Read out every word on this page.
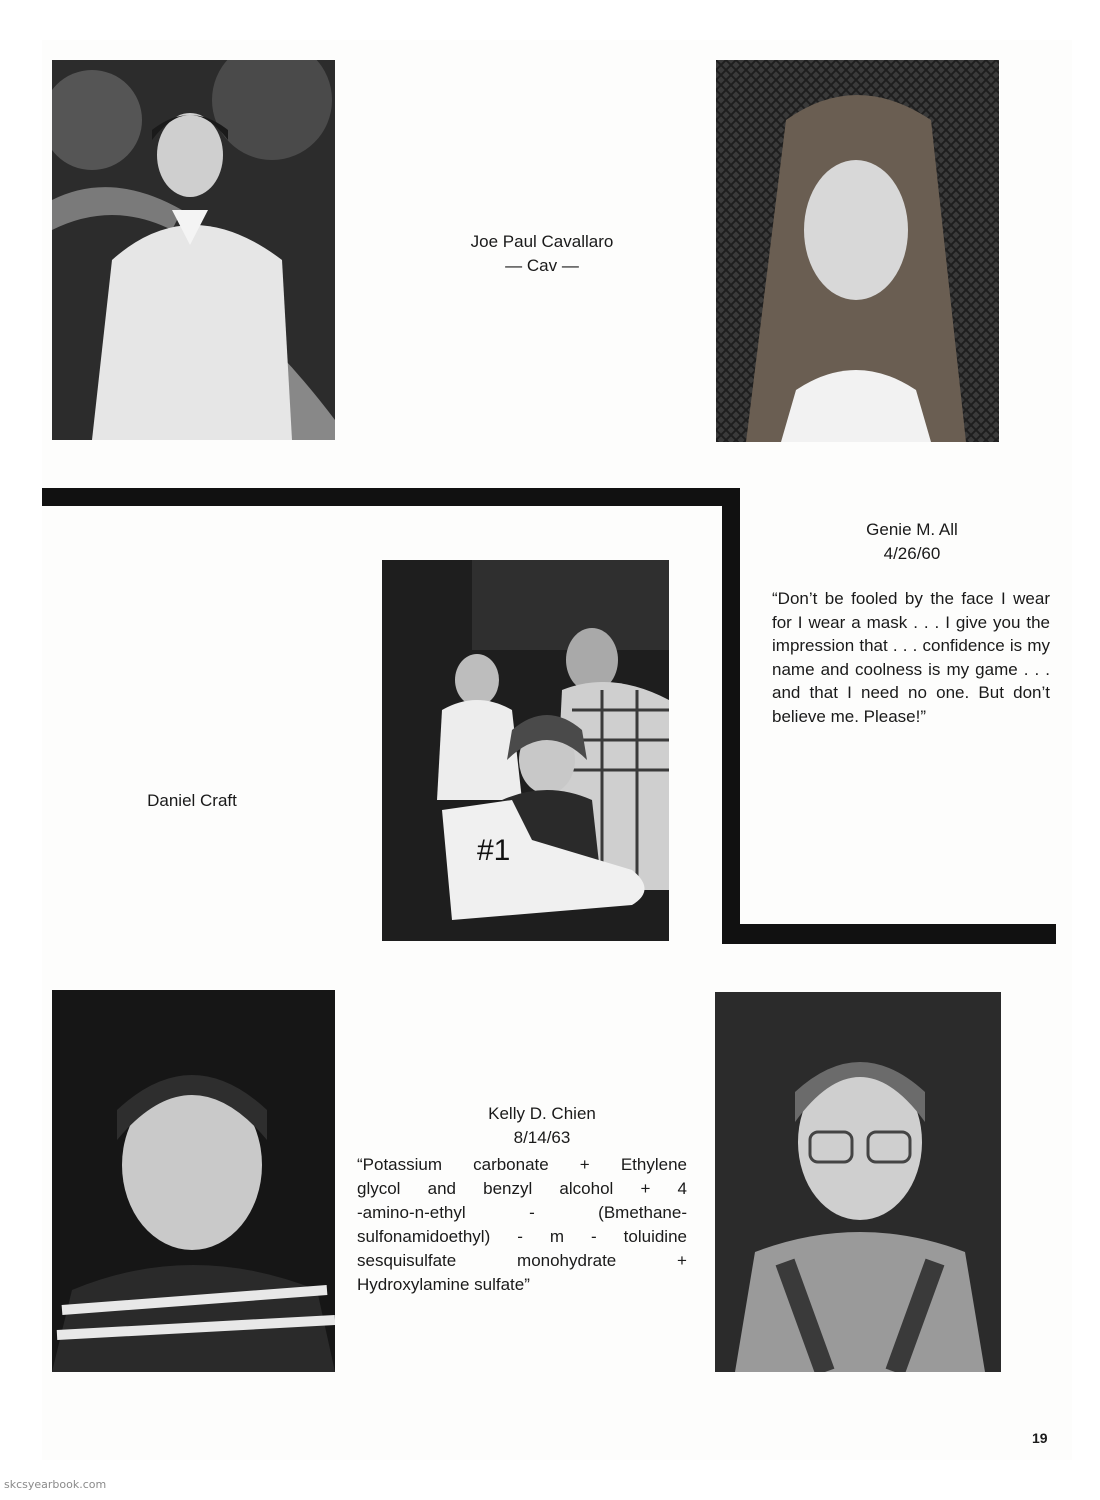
Joe Paul Cavallaro
— Cav —
Genie M. All
4/26/60
“Don’t be fooled by the face I wear for I wear a mask . . . I give you the impression that . . . confidence is my name and coolness is my game . . . and that I need no one. But don’t believe me. Please!”
Daniel Craft
#1
Kelly D. Chien
8/14/63
“Potassium carbonate + Ethylene
glycol and benzyl alcohol + 4
-amino-n-ethyl - (Bmethane-
sulfonamidoethyl) - m - toluidine
sesquisulfate monohydrate +
Hydroxylamine sulfate”
19
skcsyearbook.com
